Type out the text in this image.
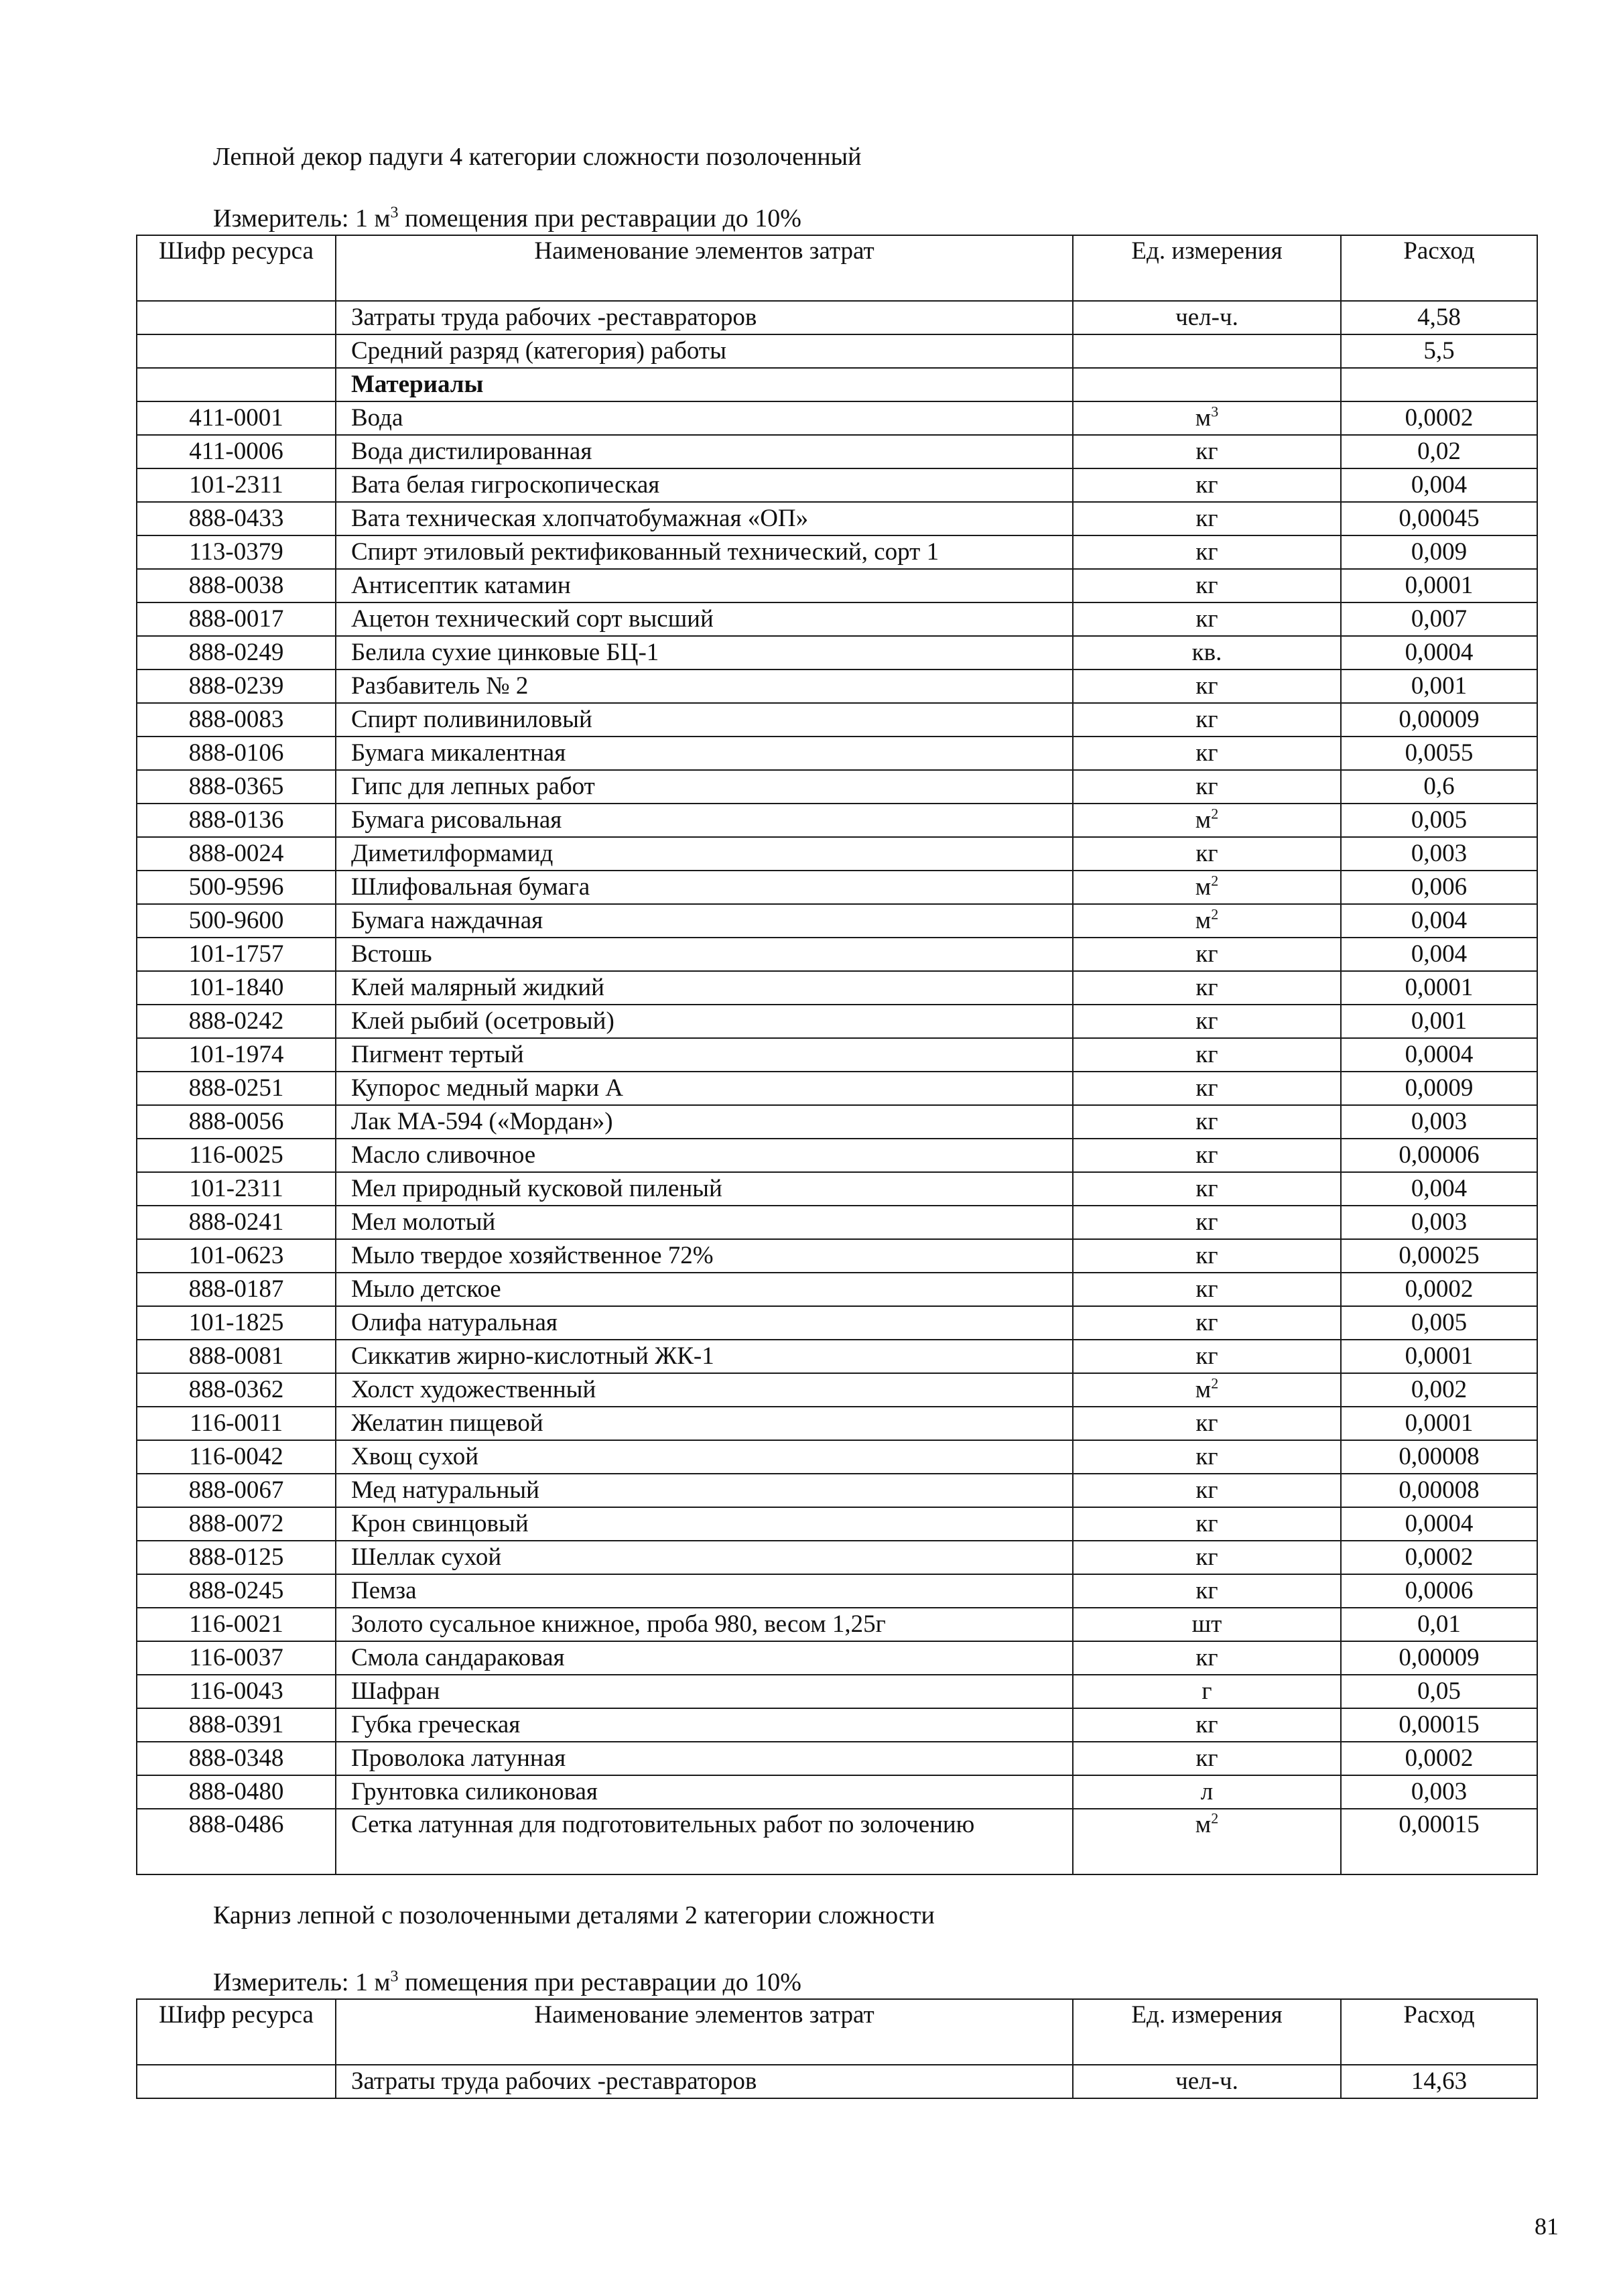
Лепной декор падуги 4 категории сложности позолоченный
Измеритель: 1 $м^3$ помещения при реставрации до 10%
Шифр ресурса	Наименование элементов затрат	Ед. измерения	Расход
	Затраты труда рабочих -реставраторов	чел-ч.	4,58
	Средний разряд (категория) работы		5,5
	Материалы		
411-0001	Вода	$м^3$	0,0002
411-0006	Вода дистилированная	кг	0,02
101-2311	Вата белая гигроскопическая	кг	0,004
888-0433	Вата техническая хлопчатобумажная «ОП»	кг	0,00045
113-0379	Спирт этиловый ректификованный технический, сорт 1	кг	0,009
888-0038	Антисептик катамин	кг	0,0001
888-0017	Ацетон технический сорт высший	кг	0,007
888-0249	Белила сухие цинковые БЦ-1	кв.	0,0004
888-0239	Разбавитель № 2	кг	0,001
888-0083	Спирт поливиниловый	кг	0,00009
888-0106	Бумага микалентная	кг	0,0055
888-0365	Гипс для лепных работ	кг	0,6
888-0136	Бумага рисовальная	$м^2$	0,005
888-0024	Диметилформамид	кг	0,003
500-9596	Шлифовальная бумага	$м^2$	0,006
500-9600	Бумага наждачная	$м^2$	0,004
101-1757	Встошь	кг	0,004
101-1840	Клей малярный жидкий	кг	0,0001
888-0242	Клей рыбий (осетровый)	кг	0,001
101-1974	Пигмент тертый	кг	0,0004
888-0251	Купорос медный марки А	кг	0,0009
888-0056	Лак МА-594 («Мордан»)	кг	0,003
116-0025	Масло сливочное	кг	0,00006
101-2311	Мел природный кусковой пиленый	кг	0,004
888-0241	Мел молотый	кг	0,003
101-0623	Мыло твердое хозяйственное 72%	кг	0,00025
888-0187	Мыло детское	кг	0,0002
101-1825	Олифа натуральная	кг	0,005
888-0081	Сиккатив жирно-кислотный ЖК-1	кг	0,0001
888-0362	Холст художественный	$м^2$	0,002
116-0011	Желатин пищевой	кг	0,0001
116-0042	Хвощ сухой	кг	0,00008
888-0067	Мед натуральный	кг	0,00008
888-0072	Крон свинцовый	кг	0,0004
888-0125	Шеллак сухой	кг	0,0002
888-0245	Пемза	кг	0,0006
116-0021	Золото сусальное книжное, проба 980, весом 1,25г	шт	0,01
116-0037	Смола сандараковая	кг	0,00009
116-0043	Шафран	г	0,05
888-0391	Губка греческая	кг	0,00015
888-0348	Проволока латунная	кг	0,0002
888-0480	Грунтовка силиконовая	л	0,003
888-0486	Сетка латунная для подготовительных работ по золочению	$м^2$	0,00015
Карниз лепной с позолоченными деталями 2 категории сложности
Измеритель: 1 $м^3$ помещения при реставрации до 10%
Шифр ресурса	Наименование элементов затрат	Ед. измерения	Расход
	Затраты труда рабочих -реставраторов	чел-ч.	14,63
81
